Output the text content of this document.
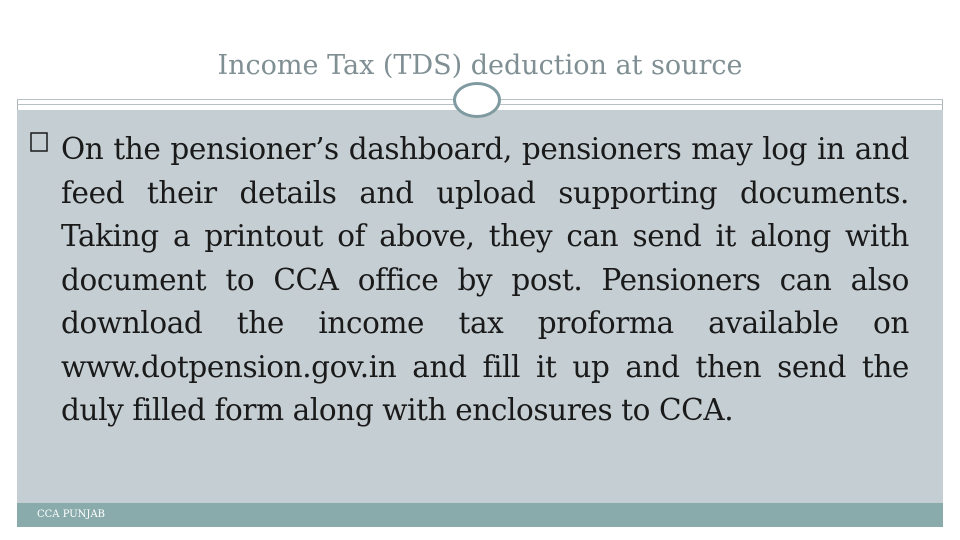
Income Tax (TDS) deduction at source
On the pensioner’s dashboard, pensioners may log in and feed their details and upload supporting documents. Taking a printout of above, they can send it along with document to CCA office by post. Pensioners can also download the income tax proforma available on www.dotpension.gov.in and fill it up and then send the duly filled form along with enclosures to CCA.
CCA PUNJAB
